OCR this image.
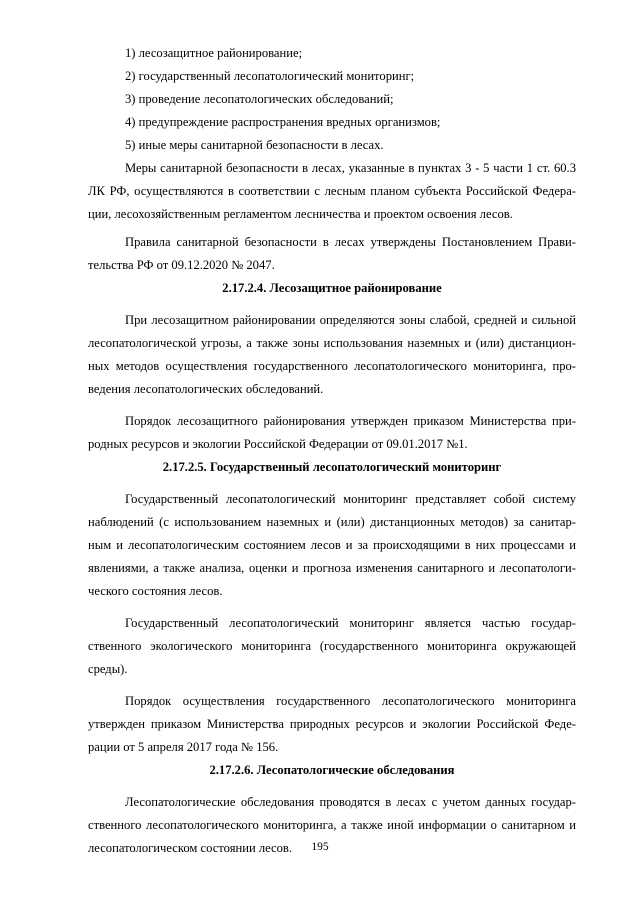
1) лесозащитное районирование;
2) государственный лесопатологический мониторинг;
3) проведение лесопатологических обследований;
4) предупреждение распространения вредных организмов;
5) иные меры санитарной безопасности в лесах.
Меры санитарной безопасности в лесах, указанные в пунктах 3 - 5 части 1 ст. 60.3
ЛК РФ, осуществляются в соответствии с лесным планом субъекта Российской Федера-
ции, лесохозяйственным регламентом лесничества и проектом освоения лесов.
Правила санитарной безопасности в лесах утверждены Постановлением Прави-
тельства РФ от 09.12.2020 № 2047.
2.17.2.4. Лесозащитное районирование
При лесозащитном районировании определяются зоны слабой, средней и сильной
лесопатологической угрозы, а также зоны использования наземных и (или) дистанцион-
ных методов осуществления государственного лесопатологического мониторинга, про-
ведения лесопатологических обследований.
Порядок лесозащитного районирования утвержден приказом Министерства при-
родных ресурсов и экологии Российской Федерации от 09.01.2017 №1.
2.17.2.5. Государственный лесопатологический мониторинг
Государственный лесопатологический мониторинг представляет собой систему
наблюдений (с использованием наземных и (или) дистанционных методов) за санитар-
ным и лесопатологическим состоянием лесов и за происходящими в них процессами и
явлениями, а также анализа, оценки и прогноза изменения санитарного и лесопатологи-
ческого состояния лесов.
Государственный лесопатологический мониторинг является частью государ-
ственного экологического мониторинга (государственного мониторинга окружающей
среды).
Порядок осуществления государственного лесопатологического мониторинга
утвержден приказом Министерства природных ресурсов и экологии Российской Феде-
рации от 5 апреля 2017 года № 156.
2.17.2.6. Лесопатологические обследования
Лесопатологические обследования проводятся в лесах с учетом данных государ-
ственного лесопатологического мониторинга, а также иной информации о санитарном и
лесопатологическом состоянии лесов.	195
